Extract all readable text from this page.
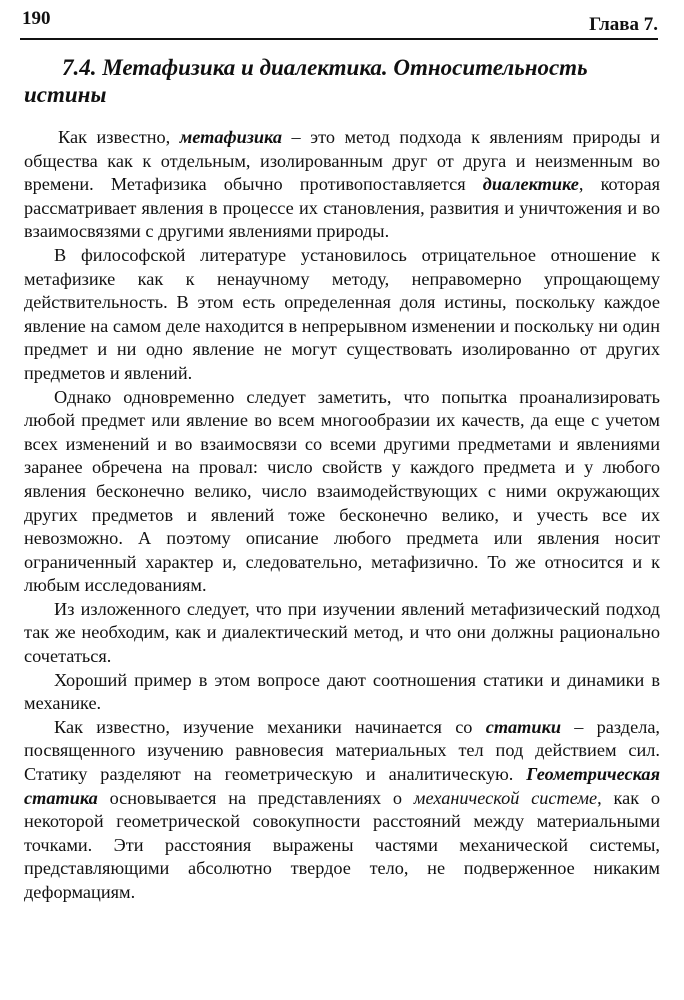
190	Глава 7.
7.4. Метафизика и диалектика. Относительность истины

Как известно, метафизика – это метод подхода к явлениям природы и общества как к отдельным, изолированным друг от друга и неизменным во времени. Метафизика обычно противопоставляется диалектике, которая рассматривает явления в процессе их становления, развития и уничтожения и во взаимосвязями с другими явлениями природы.

В философской литературе установилось отрицательное отношение к метафизике как к ненаучному методу, неправомерно упрощающему действительность. В этом есть определенная доля истины, поскольку каждое явление на самом деле находится в непрерывном изменении и поскольку ни один предмет и ни одно явление не могут существовать изолированно от других предметов и явлений.

Однако одновременно следует заметить, что попытка проанализировать любой предмет или явление во всем многообразии их качеств, да еще с учетом всех изменений и во взаимосвязи со всеми другими предметами и явлениями заранее обречена на провал: число свойств у каждого предмета и у любого явления бесконечно велико, число взаимодействующих с ними окружающих других предметов и явлений тоже бесконечно велико, и учесть все их невозможно. А поэтому описание любого предмета или явления носит ограниченный характер и, следовательно, метафизично. То же относится и к любым исследованиям.

Из изложенного следует, что при изучении явлений метафизический подход так же необходим, как и диалектический метод, и что они должны рационально сочетаться.

Хороший пример в этом вопросе дают соотношения статики и динамики в механике.

Как известно, изучение механики начинается со статики – раздела, посвященного изучению равновесия материальных тел под действием сил. Статику разделяют на геометрическую и аналитическую. Геометрическая статика основывается на представлениях о механической системе, как о некоторой геометрической совокупности расстояний между материальными точками. Эти расстояния выражены частями механической системы, представляющими абсолютно твердое тело, не подверженное никаким деформациям.
